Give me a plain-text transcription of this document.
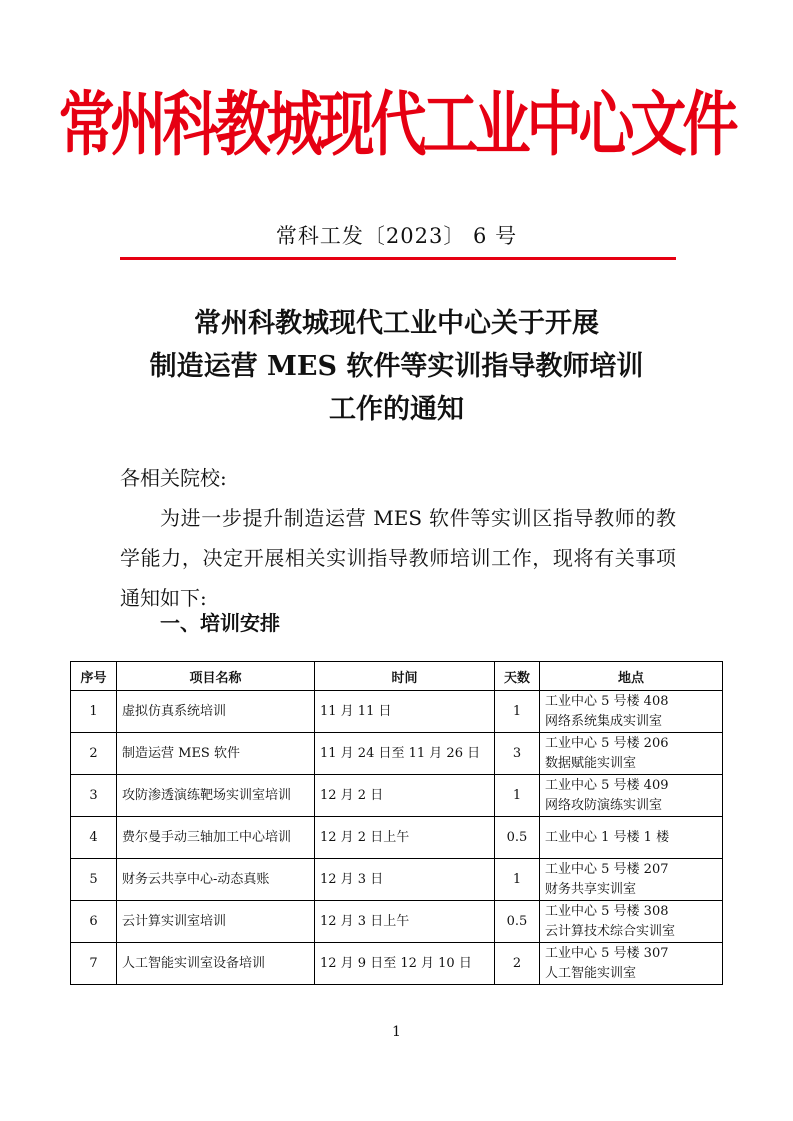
常州科教城现代工业中心文件
常科工发〔2023〕 6 号
常州科教城现代工业中心关于开展
制造运营 MES 软件等实训指导教师培训
工作的通知
各相关院校:
为进一步提升制造运营 MES 软件等实训区指导教师的教学能力，决定开展相关实训指导教师培训工作，现将有关事项通知如下:
一、培训安排
序号	项目名称	时间	天数	地点
1	虚拟仿真系统培训	11 月 11 日	1	工业中心 5 号楼 408
网络系统集成实训室

2	制造运营 MES 软件	11 月 24 日至 11 月 26 日	3	工业中心 5 号楼 206
数据赋能实训室

3	攻防渗透演练靶场实训室培训	12 月 2 日	1	工业中心 5 号楼 409
网络攻防演练实训室

4	费尔曼手动三轴加工中心培训	12 月 2 日上午	0.5	工业中心 1 号楼 1 楼

5	财务云共享中心-动态真账	12 月 3 日	1	工业中心 5 号楼 207
财务共享实训室

6	云计算实训室培训	12 月 3 日上午	0.5	工业中心 5 号楼 308
云计算技术综合实训室

7	人工智能实训室设备培训	12 月 9 日至 12 月 10 日	2	工业中心 5 号楼 307
人工智能实训室
1
